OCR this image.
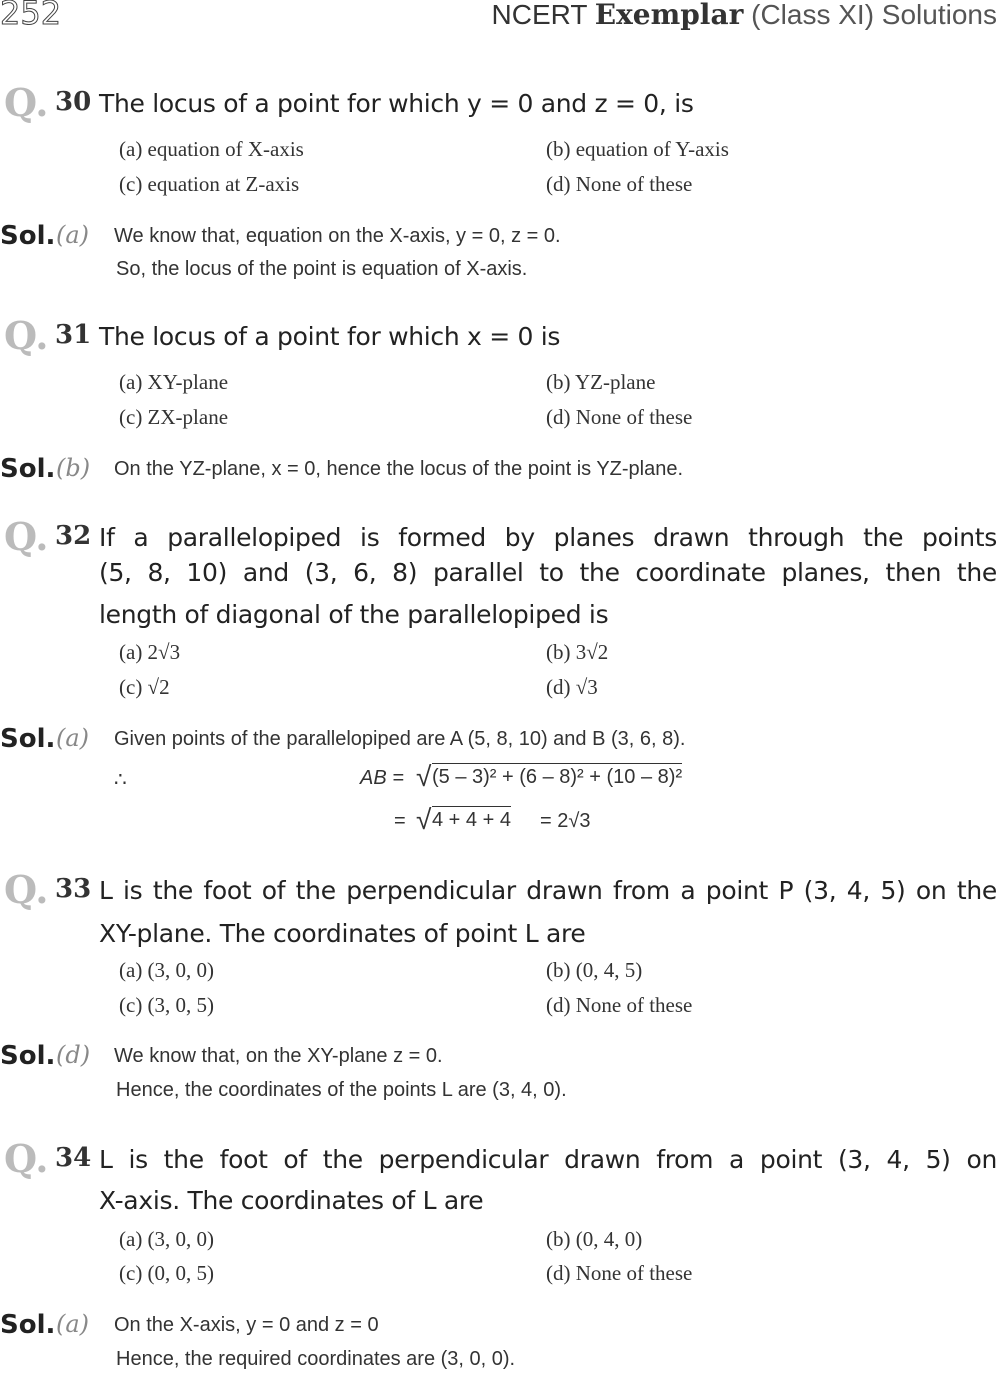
252	NCERT Exemplar (Class XI) Solutions
Q. 30 The locus of a point for which y = 0 and z = 0, is
(a) equation of X-axis	(b) equation of Y-axis
(c) equation at Z-axis	(d) None of these
Sol. (a) We know that, equation on the X-axis, y = 0, z = 0.
So, the locus of the point is equation of X-axis.
Q. 31 The locus of a point for which x = 0 is
(a) XY-plane	(b) YZ-plane
(c) ZX-plane	(d) None of these
Sol. (b) On the YZ-plane, x = 0, hence the locus of the point is YZ-plane.
Q. 32 If a parallelopiped is formed by planes drawn through the points
(5, 8, 10) and (3, 6, 8) parallel to the coordinate planes, then the
length of diagonal of the parallelopiped is
(a) 2√3	(b) 3√2
(c) √2	(d) √3
Sol. (a) Given points of the parallelopiped are A (5, 8, 10) and B (3, 6, 8).
∴	AB = √ (5 – 3)² + (6 – 8)² + (10 – 8)²
= √ 4 + 4 + 4 = 2√3
Q. 33 L is the foot of the perpendicular drawn from a point P (3, 4, 5) on the
XY-plane. The coordinates of point L are
(a) (3, 0, 0)	(b) (0, 4, 5)
(c) (3, 0, 5)	(d) None of these
Sol. (d) We know that, on the XY-plane z = 0.
Hence, the coordinates of the points L are (3, 4, 0).
Q. 34 L is the foot of the perpendicular drawn from a point (3, 4, 5) on
X-axis. The coordinates of L are
(a) (3, 0, 0)	(b) (0, 4, 0)
(c) (0, 0, 5)	(d) None of these
Sol. (a) On the X-axis, y = 0 and z = 0
Hence, the required coordinates are (3, 0, 0).
